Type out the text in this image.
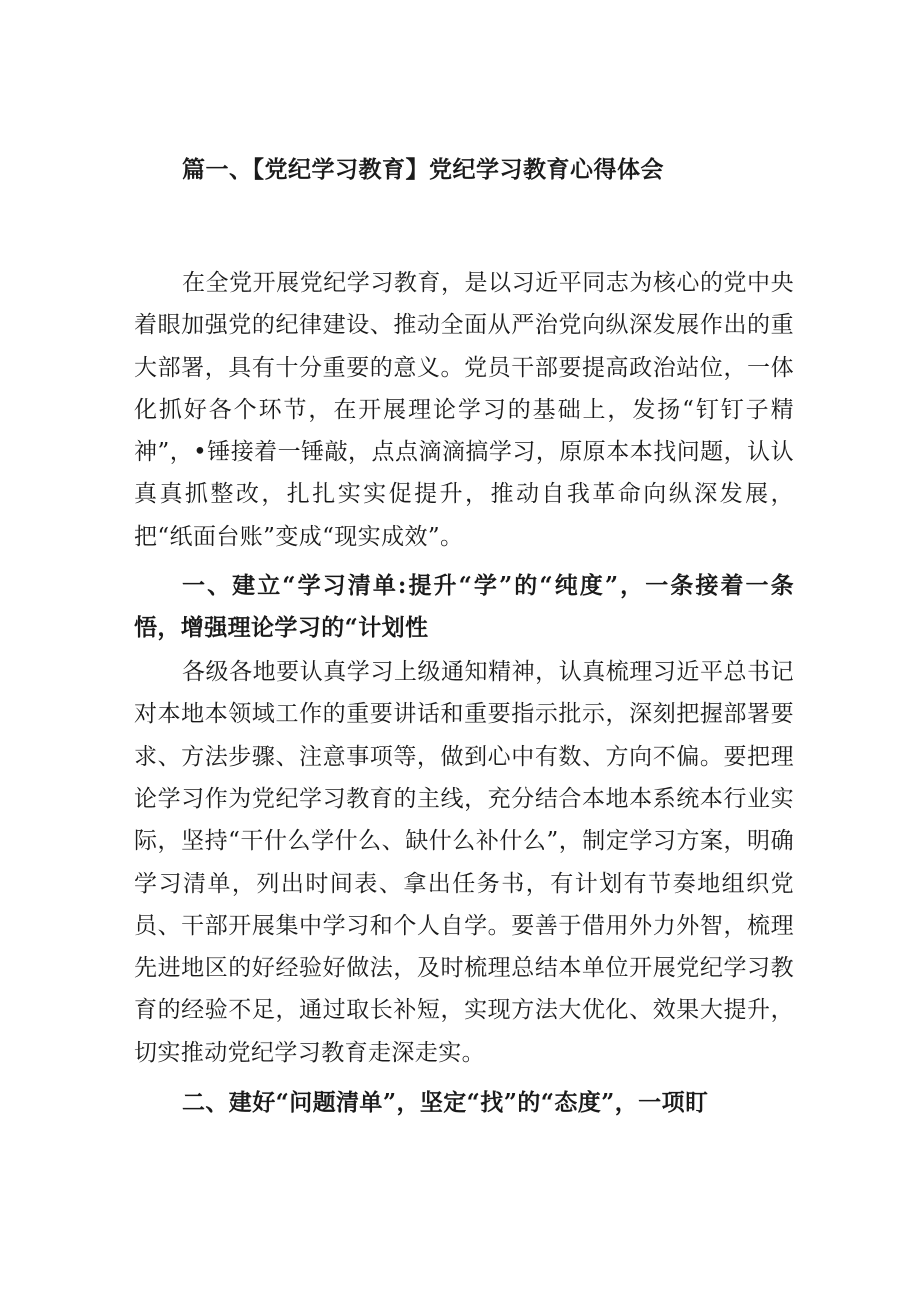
篇一、【党纪学习教育】党纪学习教育心得体会

在全党开展党纪学习教育，是以习近平同志为核心的党中央着眼加强党的纪律建设、推动全面从严治党向纵深发展作出的重大部署，具有十分重要的意义。党员干部要提高政治站位，一体化抓好各个环节，在开展理论学习的基础上，发扬“钉钉子精神”，•锤接着一锤敲，点点滴滴搞学习，原原本本找问题，认认真真抓整改，扎扎实实促提升，推动自我革命向纵深发展，把“纸面台账”变成“现实成效”。

一、建立“学习清单:提升“学”的“纯度”，一条接着一条悟，增强理论学习的“计划性

各级各地要认真学习上级通知精神，认真梳理习近平总书记对本地本领域工作的重要讲话和重要指示批示，深刻把握部署要求、方法步骤、注意事项等，做到心中有数、方向不偏。要把理论学习作为党纪学习教育的主线，充分结合本地本系统本行业实际，坚持“干什么学什么、缺什么补什么”，制定学习方案，明确学习清单，列出时间表、拿出任务书，有计划有节奏地组织党员、干部开展集中学习和个人自学。要善于借用外力外智，梳理先进地区的好经验好做法，及时梳理总结本单位开展党纪学习教育的经验不足，通过取长补短，实现方法大优化、效果大提升，切实推动党纪学习教育走深走实。

二、建好“问题清单”，坚定“找”的“态度”，一项盯
